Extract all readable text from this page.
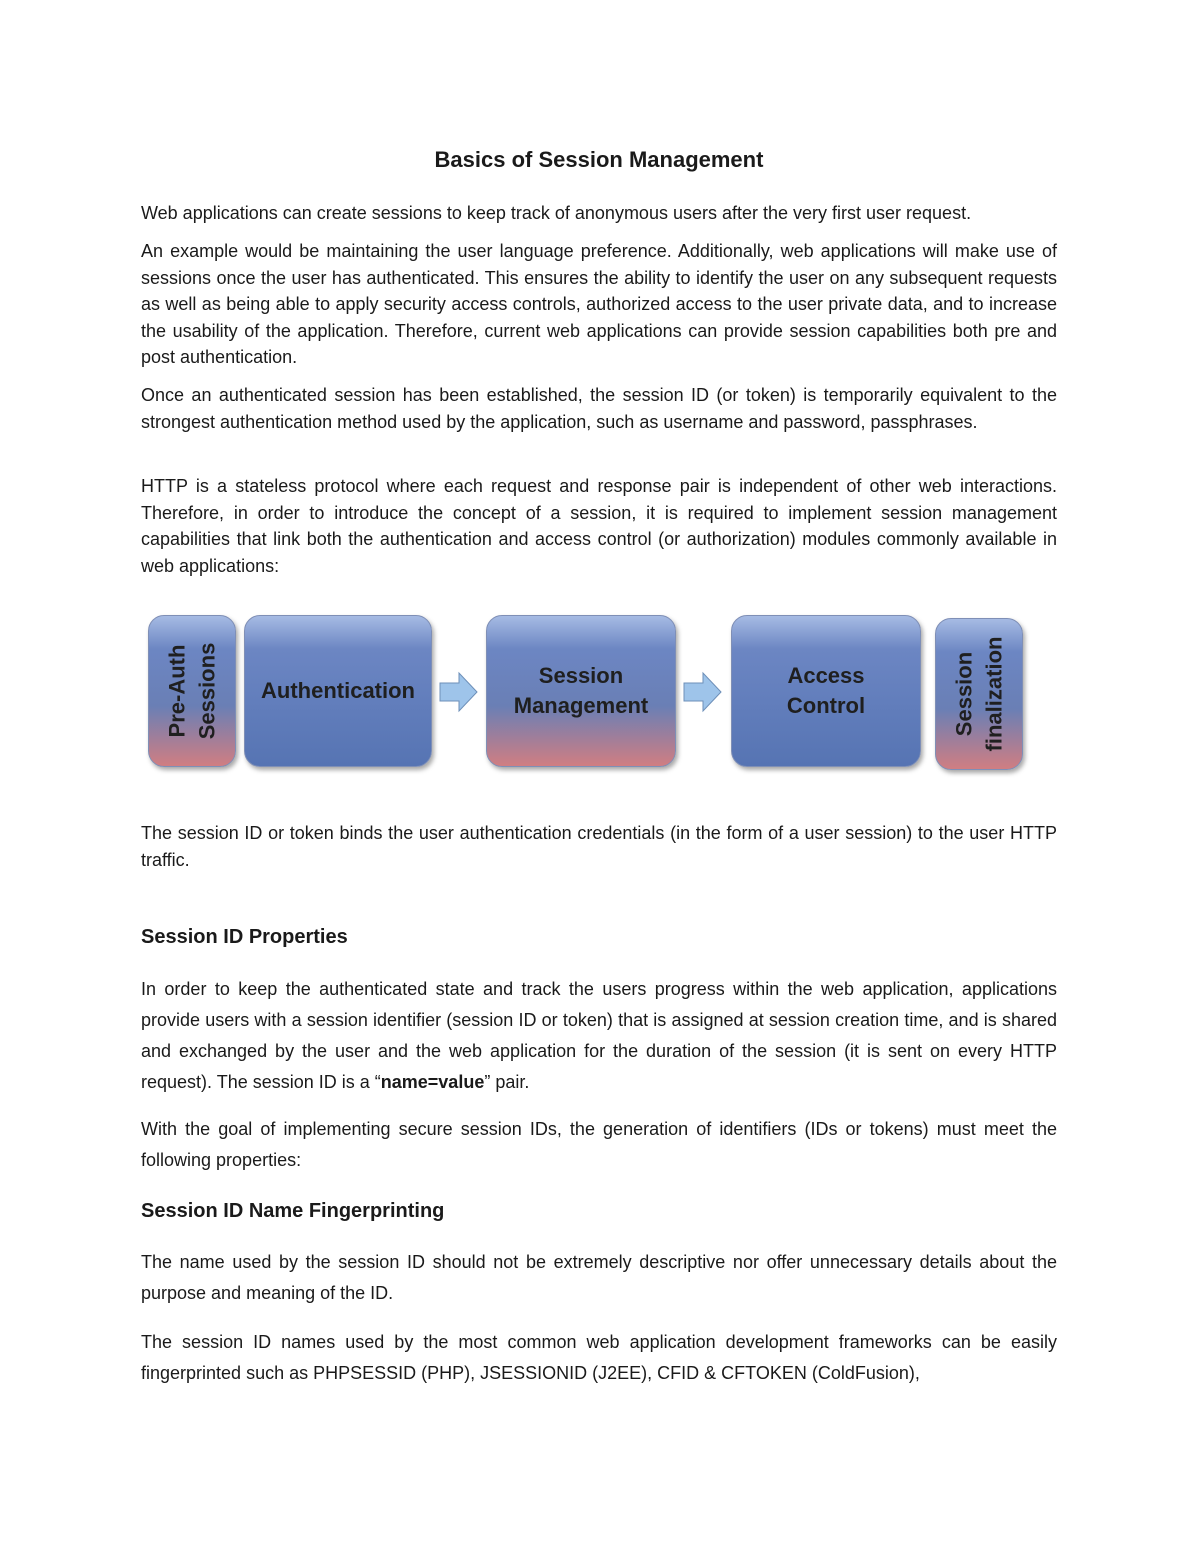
Basics of Session Management

Web applications can create sessions to keep track of anonymous users after the very first user request.

An example would be maintaining the user language preference. Additionally, web applications will make use of sessions once the user has authenticated. This ensures the ability to identify the user on any subsequent requests as well as being able to apply security access controls, authorized access to the user private data, and to increase the usability of the application. Therefore, current web applications can provide session capabilities both pre and post authentication.

Once an authenticated session has been established, the session ID (or token) is temporarily equivalent to the strongest authentication method used by the application, such as username and password, passphrases.

HTTP is a stateless protocol where each request and response pair is independent of other web interactions. Therefore, in order to introduce the concept of a session, it is required to implement session management capabilities that link both the authentication and access control (or authorization) modules commonly available in web applications:

The session ID or token binds the user authentication credentials (in the form of a user session) to the user HTTP traffic.

Session ID Properties

In order to keep the authenticated state and track the users progress within the web application, applications provide users with a session identifier (session ID or token) that is assigned at session creation time, and is shared and exchanged by the user and the web application for the duration of the session (it is sent on every HTTP request). The session ID is a “name=value” pair.

With the goal of implementing secure session IDs, the generation of identifiers (IDs or tokens) must meet the following properties:

Session ID Name Fingerprinting

The name used by the session ID should not be extremely descriptive nor offer unnecessary details about the purpose and meaning of the ID.

The session ID names used by the most common web application development frameworks can be easily fingerprinted such as PHPSESSID (PHP), JSESSIONID (J2EE), CFID & CFTOKEN (ColdFusion),

Pre-Auth
Sessions Authentication
Session
Management
Access
Control	Session
finalization
